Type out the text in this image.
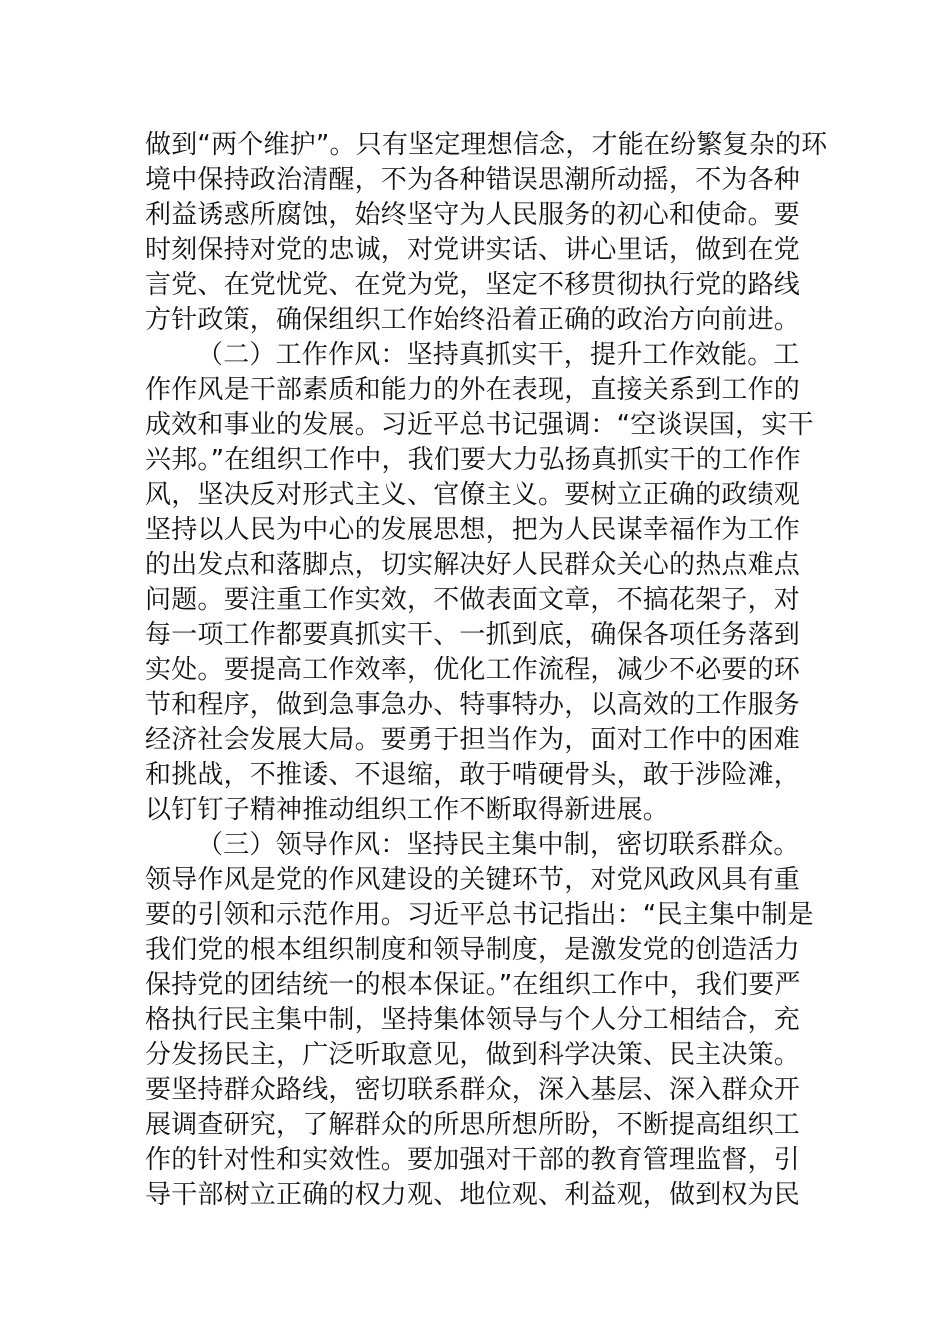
做到“两个维护”。只有坚定理想信念，才能在纷繁复杂的环
境中保持政治清醒，不为各种错误思潮所动摇，不为各种
利益诱惑所腐蚀，始终坚守为人民服务的初心和使命。要
时刻保持对党的忠诚，对党讲实话、讲心里话，做到在党
言党、在党忧党、在党为党，坚定不移贯彻执行党的路线
方针政策，确保组织工作始终沿着正确的政治方向前进。
（二）工作作风：坚持真抓实干，提升工作效能。工
作作风是干部素质和能力的外在表现，直接关系到工作的
成效和事业的发展。习近平总书记强调：“空谈误国，实干
兴邦。”在组织工作中，我们要大力弘扬真抓实干的工作作
风，坚决反对形式主义、官僚主义。要树立正确的政绩观
坚持以人民为中心的发展思想，把为人民谋幸福作为工作
的出发点和落脚点，切实解决好人民群众关心的热点难点
问题。要注重工作实效，不做表面文章，不搞花架子，对
每一项工作都要真抓实干、一抓到底，确保各项任务落到
实处。要提高工作效率，优化工作流程，减少不必要的环
节和程序，做到急事急办、特事特办，以高效的工作服务
经济社会发展大局。要勇于担当作为，面对工作中的困难
和挑战，不推诿、不退缩，敢于啃硬骨头，敢于涉险滩，
以钉钉子精神推动组织工作不断取得新进展。
（三）领导作风：坚持民主集中制，密切联系群众。
领导作风是党的作风建设的关键环节，对党风政风具有重
要的引领和示范作用。习近平总书记指出：“民主集中制是
我们党的根本组织制度和领导制度，是激发党的创造活力
保持党的团结统一的根本保证。”在组织工作中，我们要严
格执行民主集中制，坚持集体领导与个人分工相结合，充
分发扬民主，广泛听取意见，做到科学决策、民主决策。
要坚持群众路线，密切联系群众，深入基层、深入群众开
展调查研究，了解群众的所思所想所盼，不断提高组织工
作的针对性和实效性。要加强对干部的教育管理监督，引
导干部树立正确的权力观、地位观、利益观，做到权为民
